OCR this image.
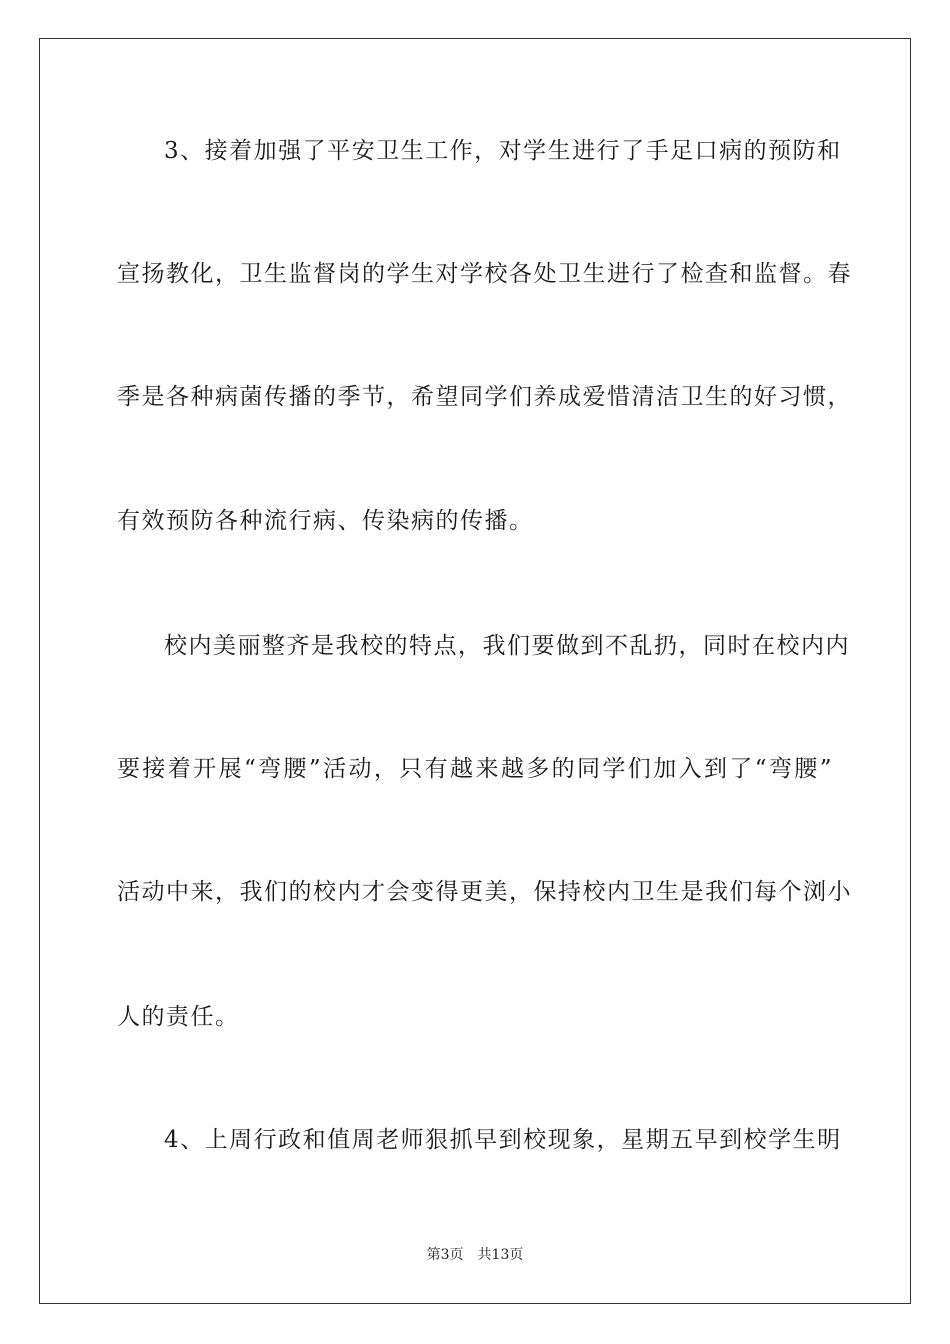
3、接着加强了平安卫生工作，对学生进行了手足口病的预防和
宣扬教化，卫生监督岗的学生对学校各处卫生进行了检查和监督。春
季是各种病菌传播的季节，希望同学们养成爱惜清洁卫生的好习惯，
有效预防各种流行病、传染病的传播。
校内美丽整齐是我校的特点，我们要做到不乱扔，同时在校内内
要接着开展“弯腰”活动，只有越来越多的同学们加入到了“弯腰”
活动中来，我们的校内才会变得更美，保持校内卫生是我们每个浏小
人的责任。
4、上周行政和值周老师狠抓早到校现象，星期五早到校学生明
第3页 共13页
